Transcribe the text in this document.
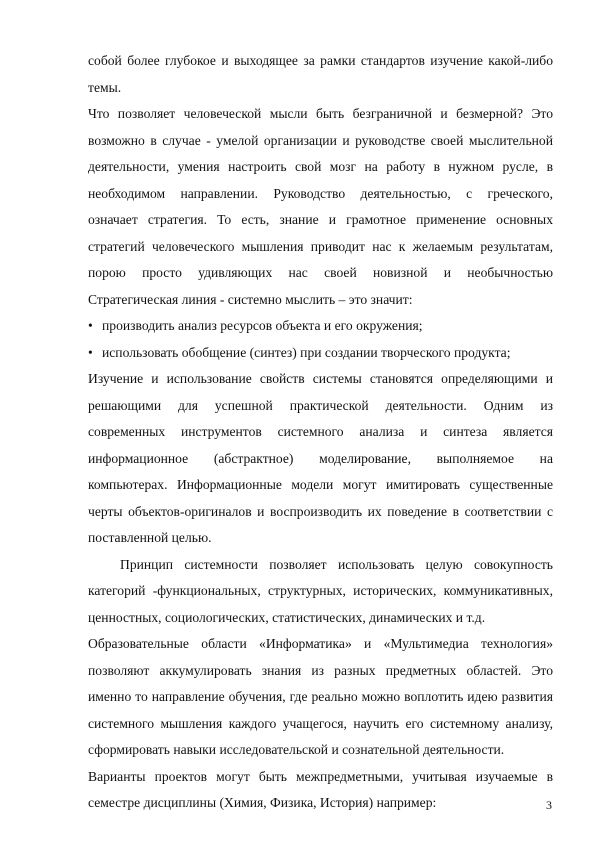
собой более глубокое и выходящее за рамки стандартов изучение какой-либо
темы.
Что позволяет человеческой мысли быть безграничной и безмерной? Это
возможно в случае - умелой организации и руководстве своей мыслительной
деятельности, умения настроить свой мозг на работу в нужном русле, в
необходимом направлении. Руководство деятельностью, с греческого,
означает стратегия. То есть, знание и грамотное применение основных
стратегий человеческого мышления приводит нас к желаемым результатам,
порою просто удивляющих нас своей новизной и необычностью
Стратегическая линия - системно мыслить – это значит:
• производить анализ ресурсов объекта и его окружения;
• использовать обобщение (синтез) при создании творческого продукта;
Изучение и использование свойств системы становятся определяющими и
решающими для успешной практической деятельности. Одним из
современных инструментов системного анализа и синтеза является
информационное (абстрактное) моделирование, выполняемое на
компьютерах. Информационные модели могут имитировать существенные
черты объектов-оригиналов и воспроизводить их поведение в соответствии с
поставленной целью.
Принцип системности позволяет использовать целую совокупность
категорий -функциональных, структурных, исторических, коммуникативных,
ценностных, социологических, статистических, динамических и т.д.
Образовательные области «Информатика» и «Мультимедиа технология»
позволяют аккумулировать знания из разных предметных областей. Это
именно то направление обучения, где реально можно воплотить идею развития
системного мышления каждого учащегося, научить его системному анализу,
сформировать навыки исследовательской и сознательной деятельности.
Варианты проектов могут быть межпредметными, учитывая изучаемые в
семестре дисциплины (Химия, Физика, История) например:	3
